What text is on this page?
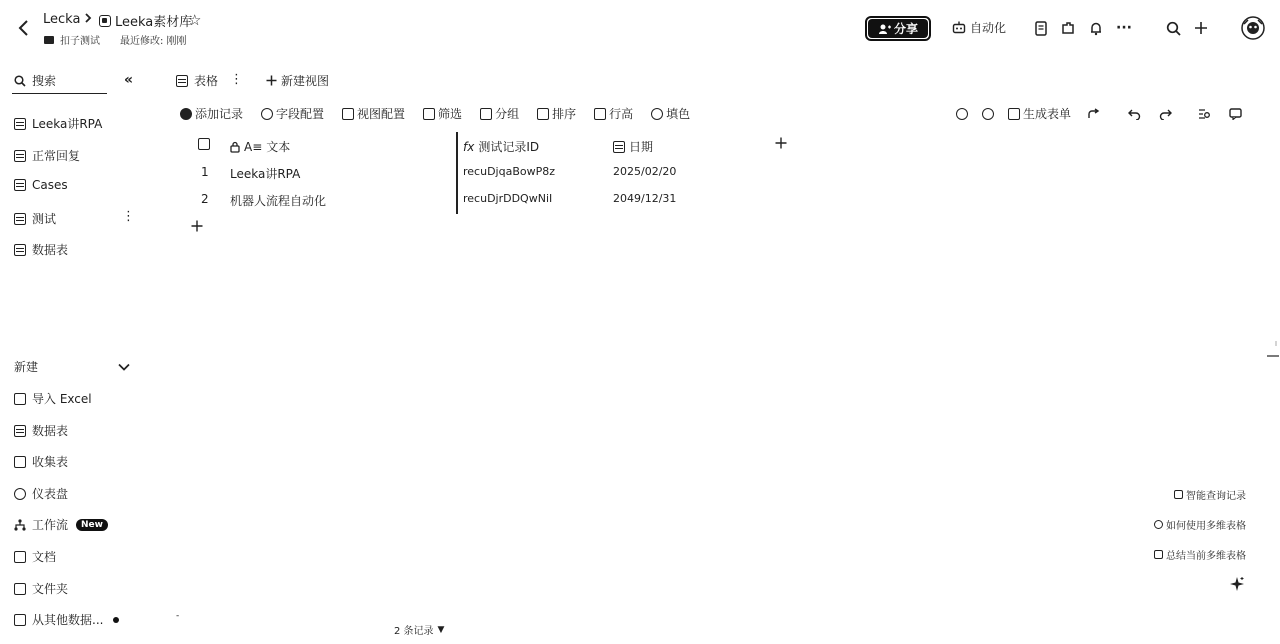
Lecka	Leeka素材库
☆
扣子测试 最近修改: 刚刚
分享	自动化	···
搜索	«
Leeka讲RPA
正常回复
Cases
测试	⋮
数据表
新建
导入 Excel
数据表
收集表
仪表盘
工作流	New
文档
文件夹
从其他数据...
表格 ⋮	新建视图
添加记录	字段配置	视图配置	筛选	分组	排序	行高	填色	生成表单
A≡ 文本	fx 测试记录ID	日期
1 Leeka讲RPA	recuDjqaBowP8z	2025/02/20
2 机器人流程自动化	recuDjrDDQwNiI	2049/12/31
智能查询记录
如何使用多维表格
总结当前多维表格
-
2 条记录 ▼
